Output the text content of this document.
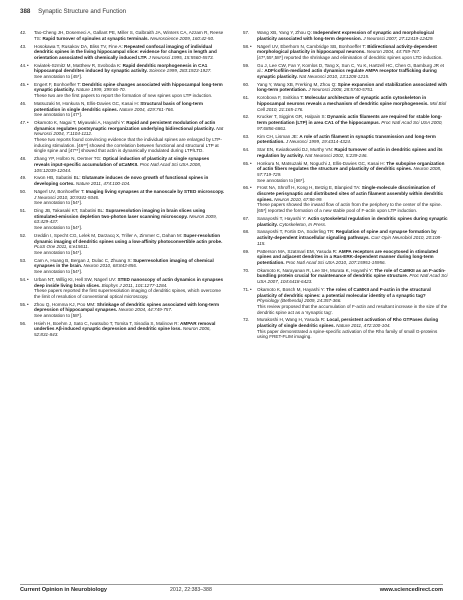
388 Synaptic Structure and Function
42.	Tao-Cheng JH, Dosemeci A, Gallant PE, Miller S, Galbraith JA, Winters CA, Azzam R, Reese TS: Rapid turnover of spinules at synaptic terminals. Neuroscience 2009, 160:42-50.
43.	Hosokawa T, Rusakov DA, Bliss TV, Fine A: Repeated confocal imaging of individual dendritic spines in the living hippocampal slice: evidence for changes in length and orientation associated with chemically induced LTP. J Neurosci 1995, 15:5560-5573.
44. • Kwiatek-Szmitz M, Matthew R, Svoboda K: Rapid dendritic morphogenesis in CA1 hippocampal dendrites induced by synaptic activity. Science 1999, 283:1923-1927.
See annotation to [45*].
45. • Engert F, Bonhoeffer T: Dendritic spine changes associated with hippocampal long-term synaptic plasticity. Nature 1999, 399:66-70.
These two are the first papers to report the formation of new spines upon LTP induction.
46.	Matsuzaki M, Honkura N, Ellis-Davies GC, Kasai H: Structural basis of long-term potentiation in single dendritic spines. Nature 2004, 429:761-766.
See annotation to [47*].
47. • Okamoto K, Nagai T, Miyawaki A, Hayashi Y: Rapid and persistent modulation of actin dynamics regulates postsynaptic reorganization underlying bidirectional plasticity. Nat Neurosci 2004, 7:1104-1112.
These two reports found convincing evidence that the individual spines are enlarged by LTP-inducing stimulation. [46**] showed the correlation between functional and structural LTP at single spine and [47**] showed that actin is dynamically modulated during LTP/LTD.
48.	Zhang YP, Holbro N, Oertner TG: Optical induction of plasticity at single synapses reveals input-specific accumulation of αCaMKII. Proc Natl Acad Sci USA 2008, 105:12039-12044.
49.	Kwon HB, Sabatini BL: Glutamate induces de novo growth of functional spines in developing cortex. Nature 2011, 474:100-104.
50.	Nägerl UV, Bonhoeffer T: Imaging living synapses at the nanoscale by STED microscopy. J Neurosci 2010, 30:9341-9346.
See annotation to [54*].
51.	Ding JB, Takasaki KT, Sabatini BL: Supraresolution imaging in brain slices using stimulated-emission depletion two-photon laser scanning microscopy. Neuron 2009, 63:429-437.
See annotation to [54*].
52.	Izeddin I, Specht CG, Lelek M, Darzacq X, Triller A, Zimmer C, Dahan M: Super-resolution dynamic imaging of dendritic spines using a low-affinity photoconvertible actin probe. PLoS One 2011, 6:e15611.
See annotation to [54*].
53.	Cam A, Huang B, Bergan J, Dulac C, Zhuang X: Superresolution imaging of chemical synapses in the brain. Neuron 2010, 68:843-856.
See annotation to [54*].
54. • Urban NT, Willig KI, Hell SW, Nägerl UV: STED nanoscopy of actin dynamics in synapses deep inside living brain slices. Biophys J 2011, 101:1277-1284.
These papers reported the first superresolution imaging of dendritic spines, which overcome the limit of resolution of conventional optical microscopy.
55. • Zhou Q, Homma KJ, Poo MM: Shrinkage of dendritic spines associated with long-term depression of hippocampal synapses. Neuron 2004, 44:749-757.
See annotation to [58*].
56.	Hsieh H, Boehm J, Sato C, Iwatsubo T, Tomita T, Sisodia S, Malinow R: AMPAR removal underlies Aβ-induced synaptic depression and dendritic spine loss. Neuron 2006, 52:831-843.
57.	Wang XB, Yang Y, Zhou Q: Independent expression of synaptic and morphological plasticity associated with long-term depression. J Neurosci 2007, 27:12419-12429.
58. • Nägerl UV, Eberhorn N, Cambridge SB, Bonhoeffer T: Bidirectional activity-dependent morphological plasticity in hippocampal neurons. Neuron 2004, 44:759-767.
[47*,55*,58*] reported the shrinkage and elimination of dendritic spines upon LTD induction.
59.	Gu J, Lee CW, Fan Y, Komlos D, Tang X, Sun C, Yu K, Hartzell HC, Chen G, Bamburg JR et al.: ADF/cofilin-mediated actin dynamics regulate AMPA receptor trafficking during synaptic plasticity. Nat Neurosci 2010, 13:1208-1215.
60.	Yang Y, Wang XB, Frerking M, Zhou Q: Spine expansion and stabilization associated with long-term potentiation. J Neurosci 2008, 28:5740-5751.
61.	Korobova F, Svitkina T: Molecular architecture of synaptic actin cytoskeleton in hippocampal neurons reveals a mechanism of dendritic spine morphogenesis. Mol Biol Cell 2010, 21:165-176.
62.	Krucker T, Siggins GR, Halpain S: Dynamic actin filaments are required for stable long-term potentiation (LTP) in area CA1 of the hippocampus. Proc Natl Acad Sci USA 2000, 97:6856-6861.
63.	Kim CH, Lisman JE: A role of actin filament in synaptic transmission and long-term potentiation. J Neurosci 1999, 19:4314-4324.
64.	Star EN, Kwiatkowski DJ, Murthy VN: Rapid turnover of actin in dendritic spines and its regulation by activity. Nat Neurosci 2002, 5:239-246.
65. • Honkura N, Matsuzaki M, Noguchi J, Ellis-Davies GC, Kasai H: The subspine organization of actin fibers regulates the structure and plasticity of dendritic spines. Neuron 2008, 57:719-729.
See annotation to [66*].
66. • Frost NA, Shroff H, Kong H, Betzig E, Blanpied TA: Single-molecule discrimination of discrete perisynaptic and distributed sites of actin filament assembly within dendritic spines. Neuron 2010, 67:86-99.
These papers showed the inward flow of actin from the periphery to the center of the spine. [65*] reported the formation of a new stable pool of F-actin upon LTP induction.
67.	Sanayoshi T, Hayashi Y: Actin cytoskeletal regulation in dendritic spines during synaptic plasticity. Cytoskeleton, In Press.
68.	Sanayoshi T, Fortin DA, Soderling TR: Regulation of spine and synapse formation by activity-dependent intracellular signaling pathways. Curr Opin Neurobiol 2010, 20:108-115.
69.	Patterson MA, Szatmari EM, Yasuda R: AMPA receptors are exocytosed in stimulated spines and adjacent dendrites in a Ras-ERK-dependent manner during long-term potentiation. Proc Natl Acad Sci USA 2010, 107:15951-15956.
70.	Okamoto K, Narayanan R, Lee SH, Murata K, Hayashi Y: The role of CaMKII as an F-actin-bundling protein crucial for maintenance of dendritic spine structure. Proc Natl Acad Sci USA 2007, 104:6418-6423.
71. • Okamoto K, Bosch M, Hayashi Y: The roles of CaMKII and F-actin in the structural plasticity of dendritic spines: a potential molecular identity of a synaptic tag? Physiology (Bethesda) 2009, 24:357-366.
This review proposed that the accumulation of F-actin and resultant increase in the size of the dendritic spine act as a 'synaptic tag'.
72.	Murakoshi H, Wang H, Yasuda R: Local, persistent activation of Rho GTPases during plasticity of single dendritic spines. Nature 2011, 472:100-104.
This paper demonstrated a spine-specific activation of the Rho family of small G-proteins using FRET-FLIM imaging.
Current Opinion in Neurobiology	2012, 22:383–388	www.sciencedirect.com
